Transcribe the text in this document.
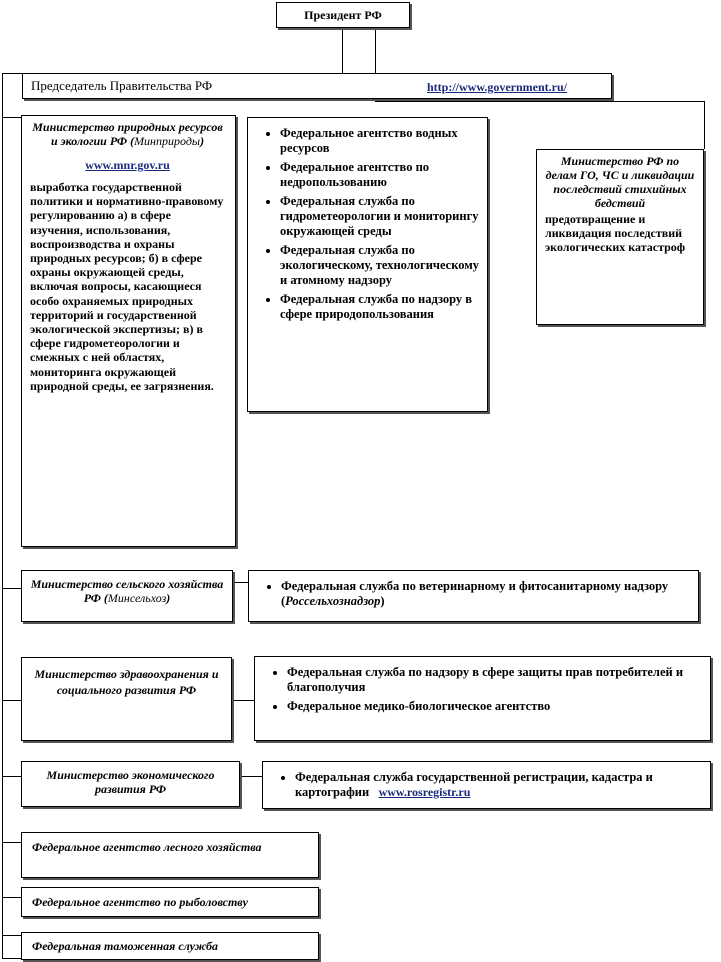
Президент РФ
Председатель Правительства РФ	http://www.government.ru/
Министерство природных ресурсов и экологии РФ (Минприроды)
www.mnr.gov.ru
выработка государственной политики и нормативно-правовому регулированию а) в сфере изучения, использования, воспроизводства и охраны природных ресурсов; б) в сфере охраны окружающей среды, включая вопросы, касающиеся особо охраняемых природных территорий и государственной экологической экспертизы; в) в сфере гидрометеорологии и смежных с ней областях, мониторинга окружающей природной среды, ее загрязнения.
• Федеральное агентство водных ресурсов
• Федеральное агентство по недропользованию
• Федеральная служба по гидрометеорологии и мониторингу окружающей среды
• Федеральная служба по экологическому, технологическому и атомному надзору
• Федеральная служба по надзору в сфере природопользования
Министерство РФ по делам ГО, ЧС и ликвидации последствий стихийных бедствий
предотвращение и ликвидация последствий экологических катастроф
Министерство сельского хозяйства РФ (Минсельхоз)
• Федеральная служба по ветеринарному и фитосанитарному надзору (Россельхознадзор)
Министерство здравоохранения и социального развития РФ
• Федеральная служба по надзору в сфере защиты прав потребителей и благополучия
• Федеральное медико-биологическое агентство
Министерство экономического развития РФ
• Федеральная служба государственной регистрации, кадастра и картографии www.rosregistr.ru
Федеральное агентство лесного хозяйства
Федеральное агентство по рыболовству
Федеральная таможенная служба
